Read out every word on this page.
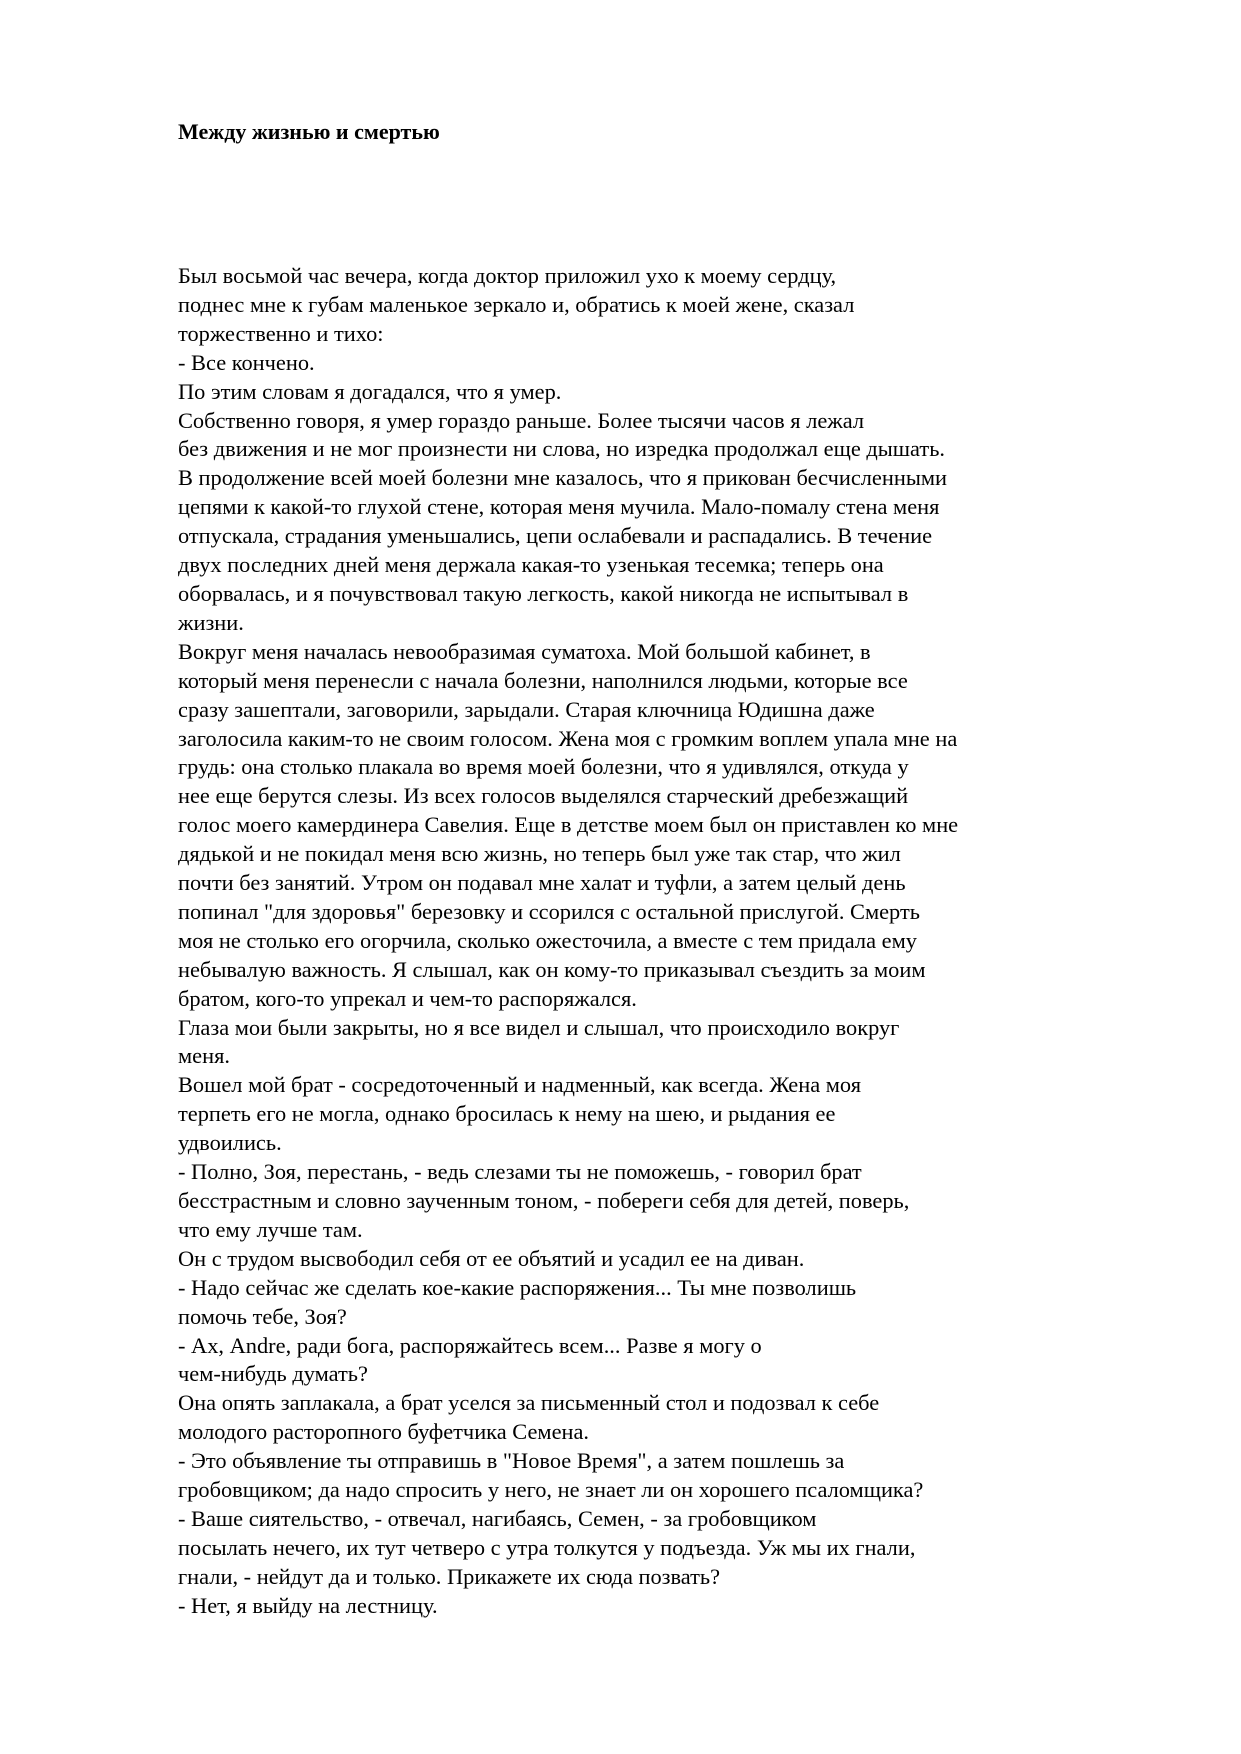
Между жизнью и смертью
Был восьмой час вечера, когда доктор приложил ухо к моему сердцу,
поднес мне к губам маленькое зеркало и, обратись к моей жене, сказал
торжественно и тихо:
- Все кончено.
По этим словам я догадался, что я умер.
Собственно говоря, я умер гораздо раньше. Более тысячи часов я лежал
без движения и не мог произнести ни слова, но изредка продолжал еще дышать.
В продолжение всей моей болезни мне казалось, что я прикован бесчисленными
цепями к какой-то глухой стене, которая меня мучила. Мало-помалу стена меня
отпускала, страдания уменьшались, цепи ослабевали и распадались. В течение
двух последних дней меня держала какая-то узенькая тесемка; теперь она
оборвалась, и я почувствовал такую легкость, какой никогда не испытывал в
жизни.
Вокруг меня началась невообразимая суматоха. Мой большой кабинет, в
который меня перенесли с начала болезни, наполнился людьми, которые все
сразу зашептали, заговорили, зарыдали. Старая ключница Юдишна даже
заголосила каким-то не своим голосом. Жена моя с громким воплем упала мне на
грудь: она столько плакала во время моей болезни, что я удивлялся, откуда у
нее еще берутся слезы. Из всех голосов выделялся старческий дребезжащий
голос моего камердинера Савелия. Еще в детстве моем был он приставлен ко мне
дядькой и не покидал меня всю жизнь, но теперь был уже так стар, что жил
почти без занятий. Утром он подавал мне халат и туфли, а затем целый день
попинал "для здоровья" березовку и ссорился с остальной прислугой. Смерть
моя не столько его огорчила, сколько ожесточила, а вместе с тем придала ему
небывалую важность. Я слышал, как он кому-то приказывал съездить за моим
братом, кого-то упрекал и чем-то распоряжался.
Глаза мои были закрыты, но я все видел и слышал, что происходило вокруг
меня.
Вошел мой брат - сосредоточенный и надменный, как всегда. Жена моя
терпеть его не могла, однако бросилась к нему на шею, и рыдания ее
удвоились.
- Полно, Зоя, перестань, - ведь слезами ты не поможешь, - говорил брат
бесстрастным и словно заученным тоном, - побереги себя для детей, поверь,
что ему лучше там.
Он с трудом высвободил себя от ее объятий и усадил ее на диван.
- Надо сейчас же сделать кое-какие распоряжения... Ты мне позволишь
помочь тебе, Зоя?
- Ах, Andre, ради бога, распоряжайтесь всем... Разве я могу о
чем-нибудь думать?
Она опять заплакала, а брат уселся за письменный стол и подозвал к себе
молодого расторопного буфетчика Семена.
- Это объявление ты отправишь в "Новое Время", а затем пошлешь за
гробовщиком; да надо спросить у него, не знает ли он хорошего псаломщика?
- Ваше сиятельство, - отвечал, нагибаясь, Семен, - за гробовщиком
посылать нечего, их тут четверо с утра толкутся у подъезда. Уж мы их гнали,
гнали, - нейдут да и только. Прикажете их сюда позвать?
- Нет, я выйду на лестницу.
